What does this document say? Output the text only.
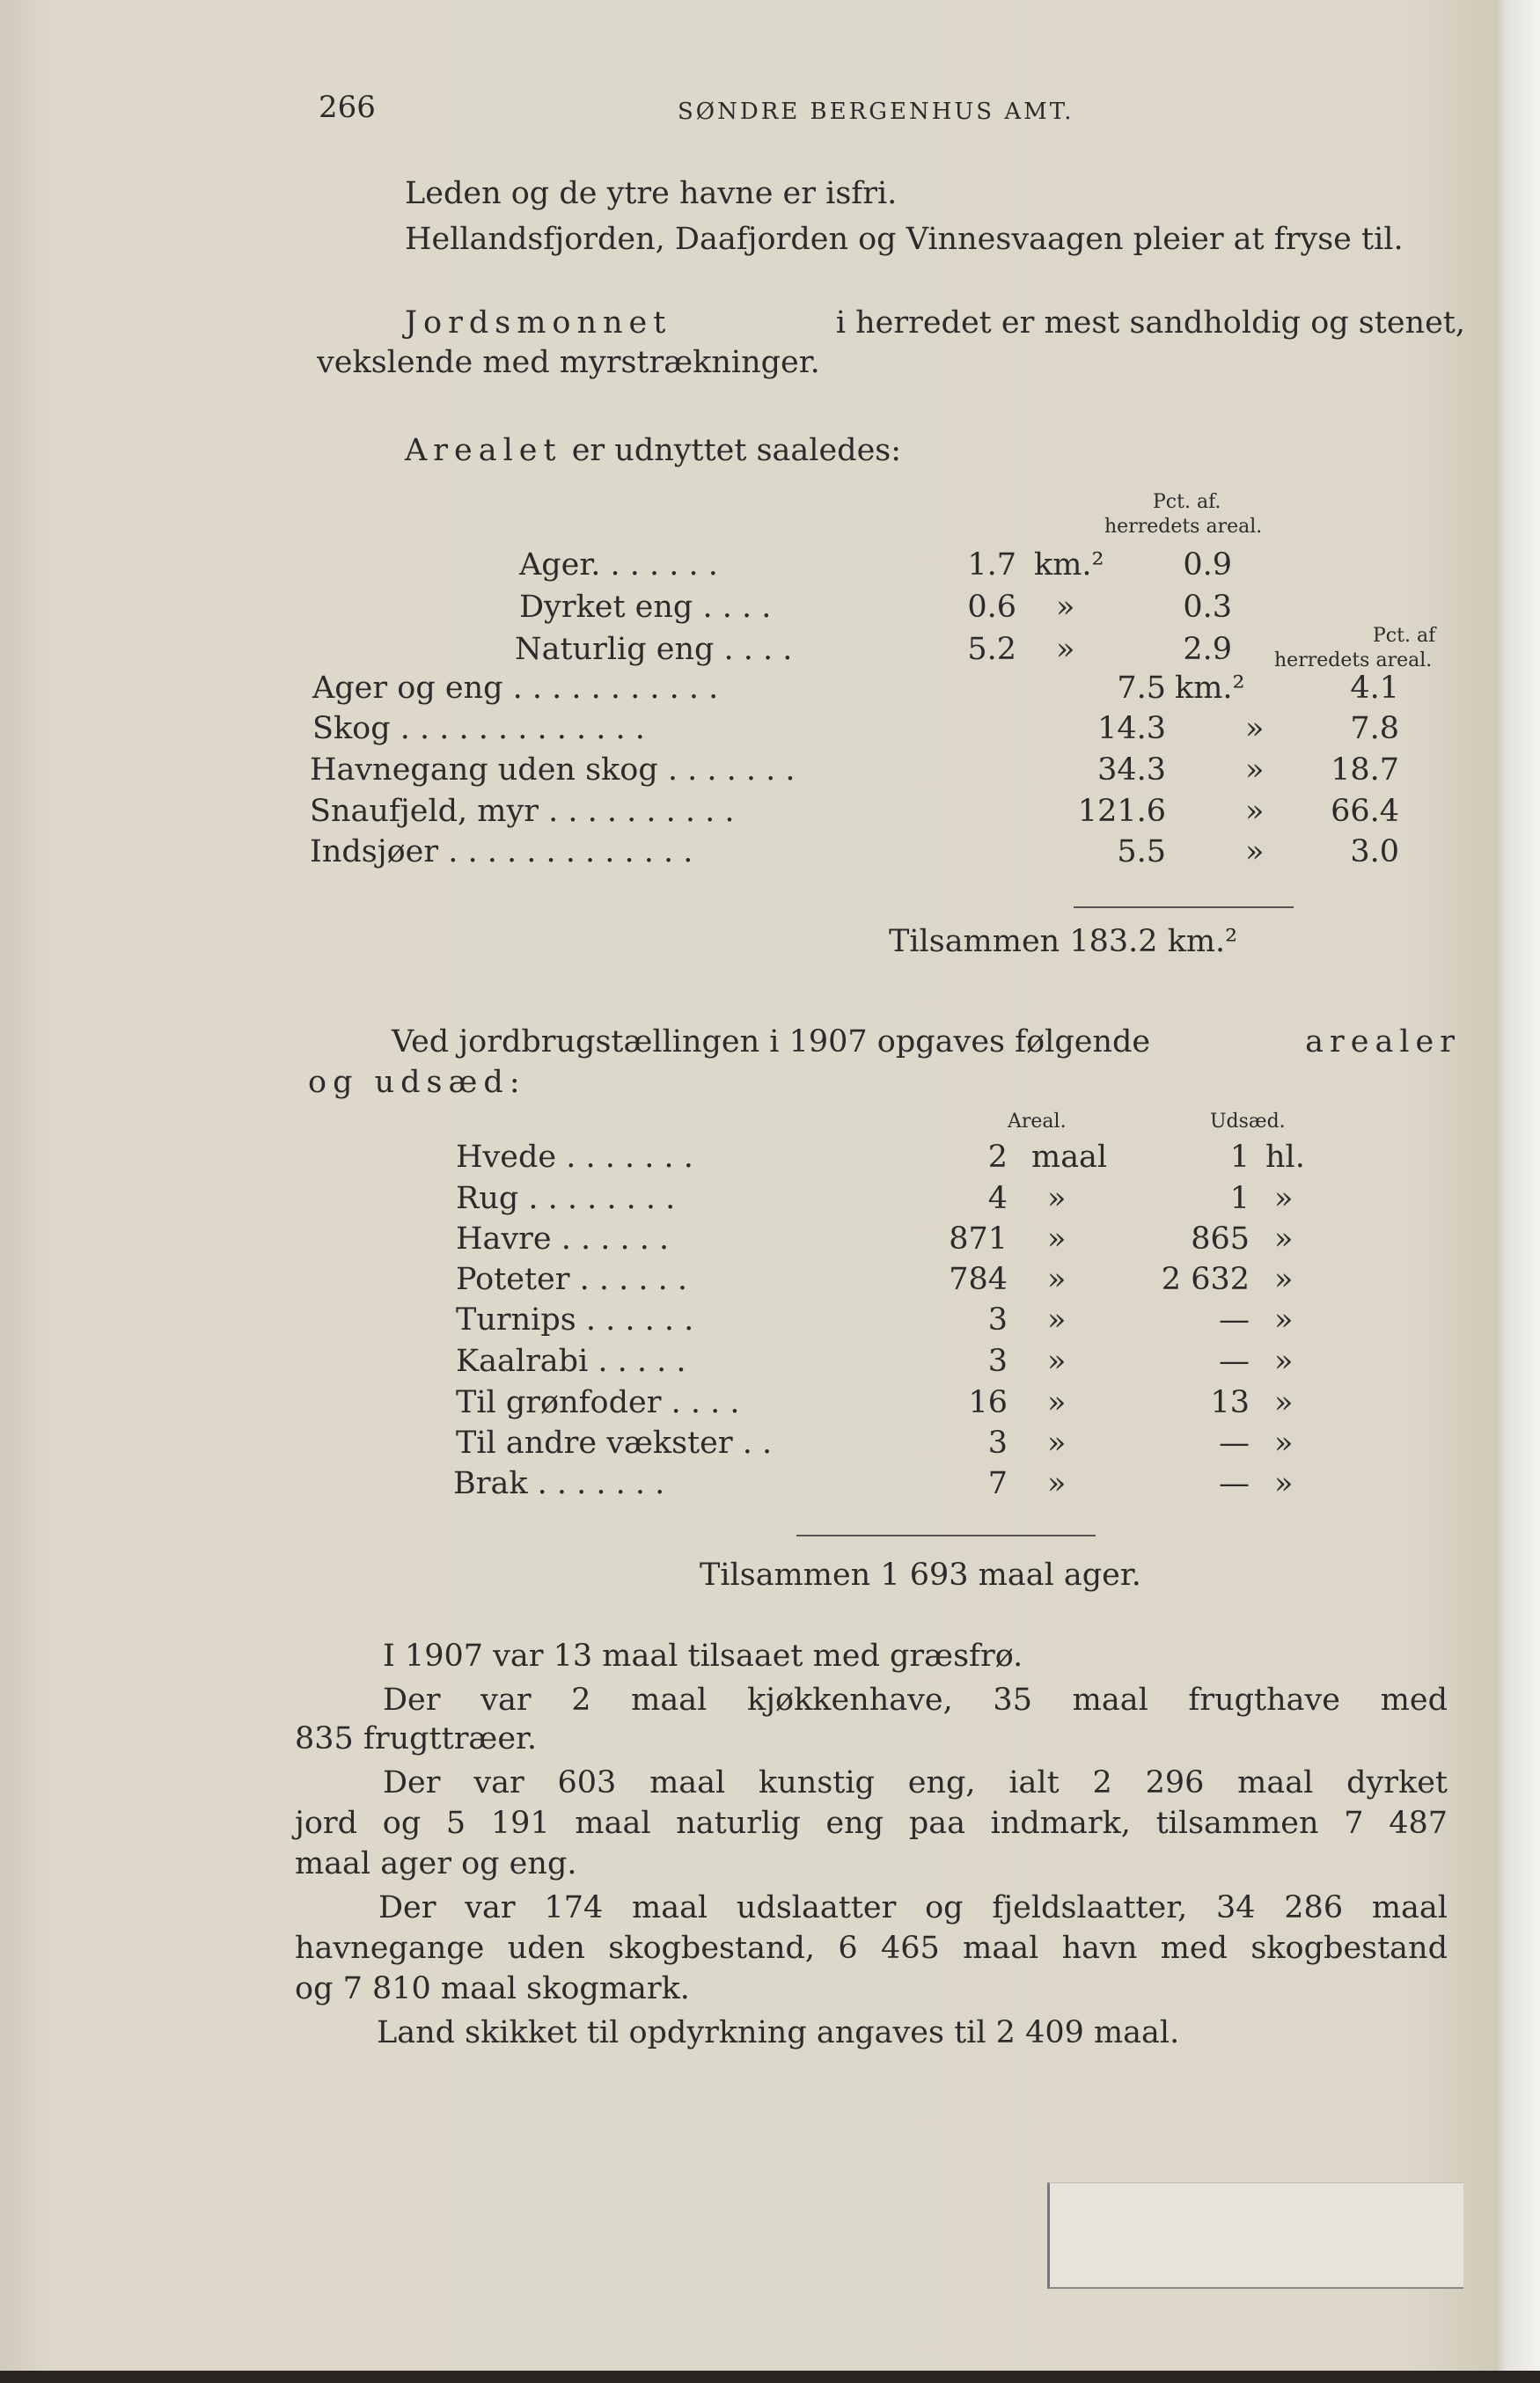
266	SØNDRE BERGENHUS AMT.
Leden og de ytre havne er isfri.
Hellandsfjorden, Daafjorden og Vinnesvaagen pleier at fryse til.
Jordsmonnet	i herredet er mest sandholdig og stenet,
vekslende med myrstrækninger.
Arealet er udnyttet saaledes:
Pct. af.
herredets areal.
Pct. af
herredets areal.
Ager. . . . . . .	1.7 km.²	0.9
Dyrket eng . . . .	0.6 »	0.3
Naturlig eng . . . .	5.2 »	2.9
Ager og eng . . . . . . . . . . .	7.5 km.²	4.1
Skog . . . . . . . . . . . . .	14.3	»	7.8
Havnegang uden skog . . . . . . .	34.3	»	18.7
Snaufjeld, myr . . . . . . . . . .	121.6	»	66.4
Indsjøer . . . . . . . . . . . . .	5.5	»	3.0
Tilsammen 183.2 km.²
Ved jordbrugstællingen i 1907 opgaves følgende	arealer
og udsæd:
Areal.	Udsæd.
Hvede . . . . . . .	2 maal	1 hl.
Rug . . . . . . . .	4 »	1 »
Havre . . . . . .	871 »	865 »
Poteter . . . . . .	784 »	2 632 »
Turnips . . . . . .	3 »	— »
Kaalrabi . . . . .	3 »	— »
Til grønfoder . . . .	16 »	13 »
Til andre vækster . .	3 »	— »
Brak . . . . . . .	7 »	— »
Tilsammen 1 693 maal ager.
I 1907 var 13 maal tilsaaet med græsfrø.
Der var 2 maal kjøkkenhave, 35 maal frugthave med
835 frugttræer.
Der var 603 maal kunstig eng, ialt 2 296 maal dyrket
jord og 5 191 maal naturlig eng paa indmark, tilsammen 7 487
maal ager og eng.
Der var 174 maal udslaatter og fjeldslaatter, 34 286 maal
havnegange uden skogbestand, 6 465 maal havn med skogbestand
og 7 810 maal skogmark.
Land skikket til opdyrkning angaves til 2 409 maal.
